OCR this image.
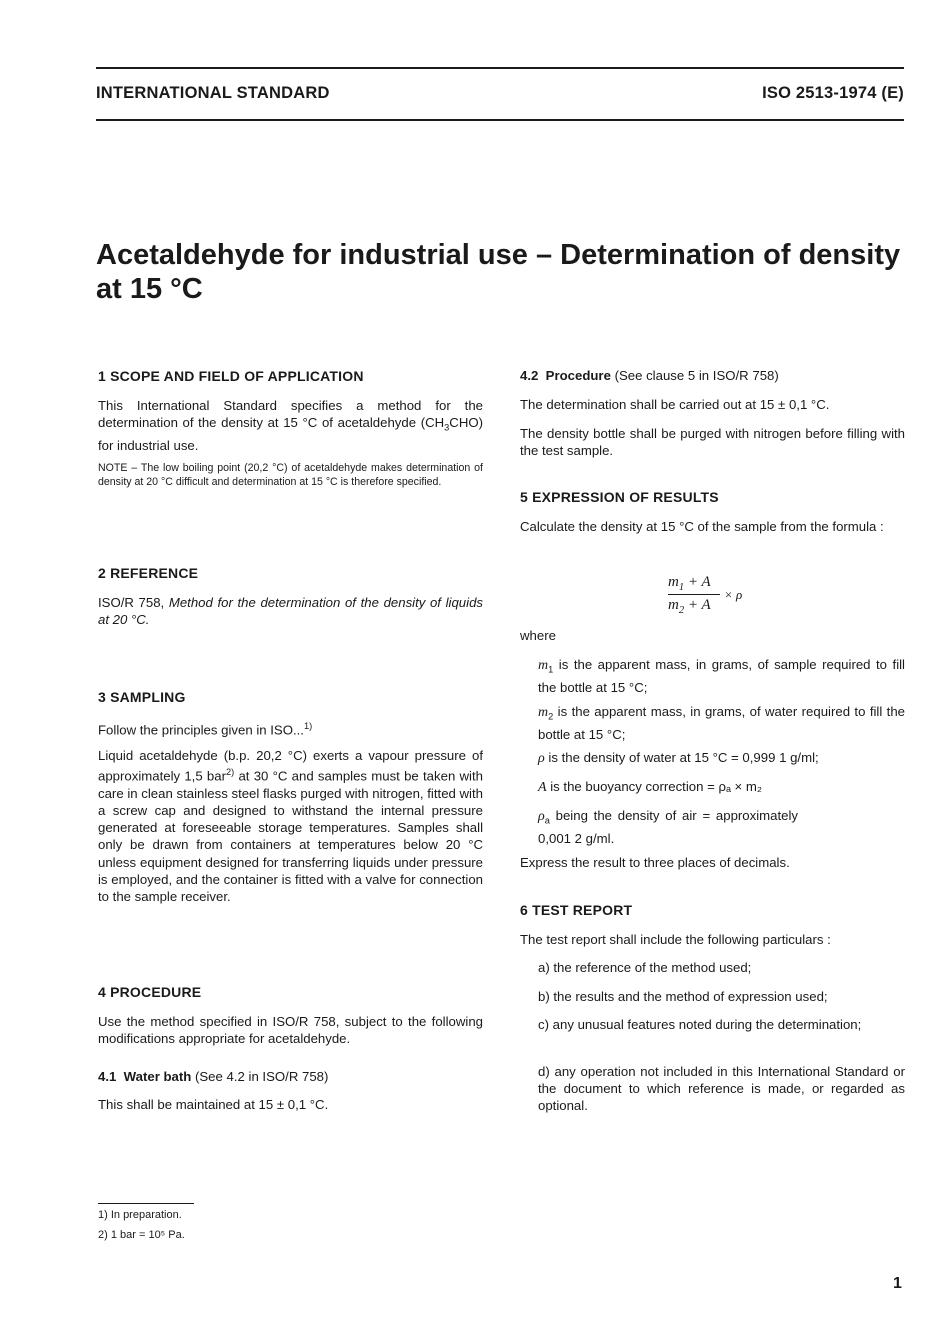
INTERNATIONAL STANDARD	ISO 2513-1974 (E)
Acetaldehyde for industrial use – Determination of density at 15 °C
1 SCOPE AND FIELD OF APPLICATION

This International Standard specifies a method for the determination of the density at 15 °C of acetaldehyde $(CH_3CHO)$ for industrial use.

NOTE – The low boiling point (20,2 °C) of acetaldehyde makes determination of density at 20 °C difficult and determination at 15 °C is therefore specified.

2 REFERENCE

ISO/R 758, Method for the determination of the density of liquids at 20 °C.

3 SAMPLING

Follow the principles given in ISO...$^{1)}$

Liquid acetaldehyde (b.p. 20,2 °C) exerts a vapour pressure of approximately 1,5 bar$^{2)}$ at 30 °C and samples must be taken with care in clean stainless steel flasks purged with nitrogen, fitted with a screw cap and designed to withstand the internal pressure generated at foreseeable storage temperatures. Samples shall only be drawn from containers at temperatures below 20 °C unless equipment designed for transferring liquids under pressure is employed, and the container is fitted with a valve for connection to the sample receiver.

4 PROCEDURE

Use the method specified in ISO/R 758, subject to the following modifications appropriate for acetaldehyde.

4.1 Water bath (See 4.2 in ISO/R 758)

This shall be maintained at 15 ± 0,1 °C.

4.2 Procedure (See clause 5 in ISO/R 758)

The determination shall be carried out at 15 ± 0,1 °C.

The density bottle shall be purged with nitrogen before filling with the test sample.

5 EXPRESSION OF RESULTS

Calculate the density at 15 °C of the sample from the formula :

$m_1 + A$
$m_2 + A$
× ρ

where

$m_1$ is the apparent mass, in grams, of sample required to fill the bottle at 15 °C;

$m_2$ is the apparent mass, in grams, of water required to fill the bottle at 15 °C;

ρ is the density of water at 15 °C = 0,999 1 g/ml;

A is the buoyancy correction = ρₐ × m₂

$\rho_a$ being the density of air = approximately 0,001 2 g/ml.

Express the result to three places of decimals.

6 TEST REPORT

The test report shall include the following particulars :

a) the reference of the method used;

b) the results and the method of expression used;

c) any unusual features noted during the determination;

d) any operation not included in this International Standard or the document to which reference is made, or regarded as optional.

1) In preparation.
2) 1 bar = 10⁵ Pa.
1
